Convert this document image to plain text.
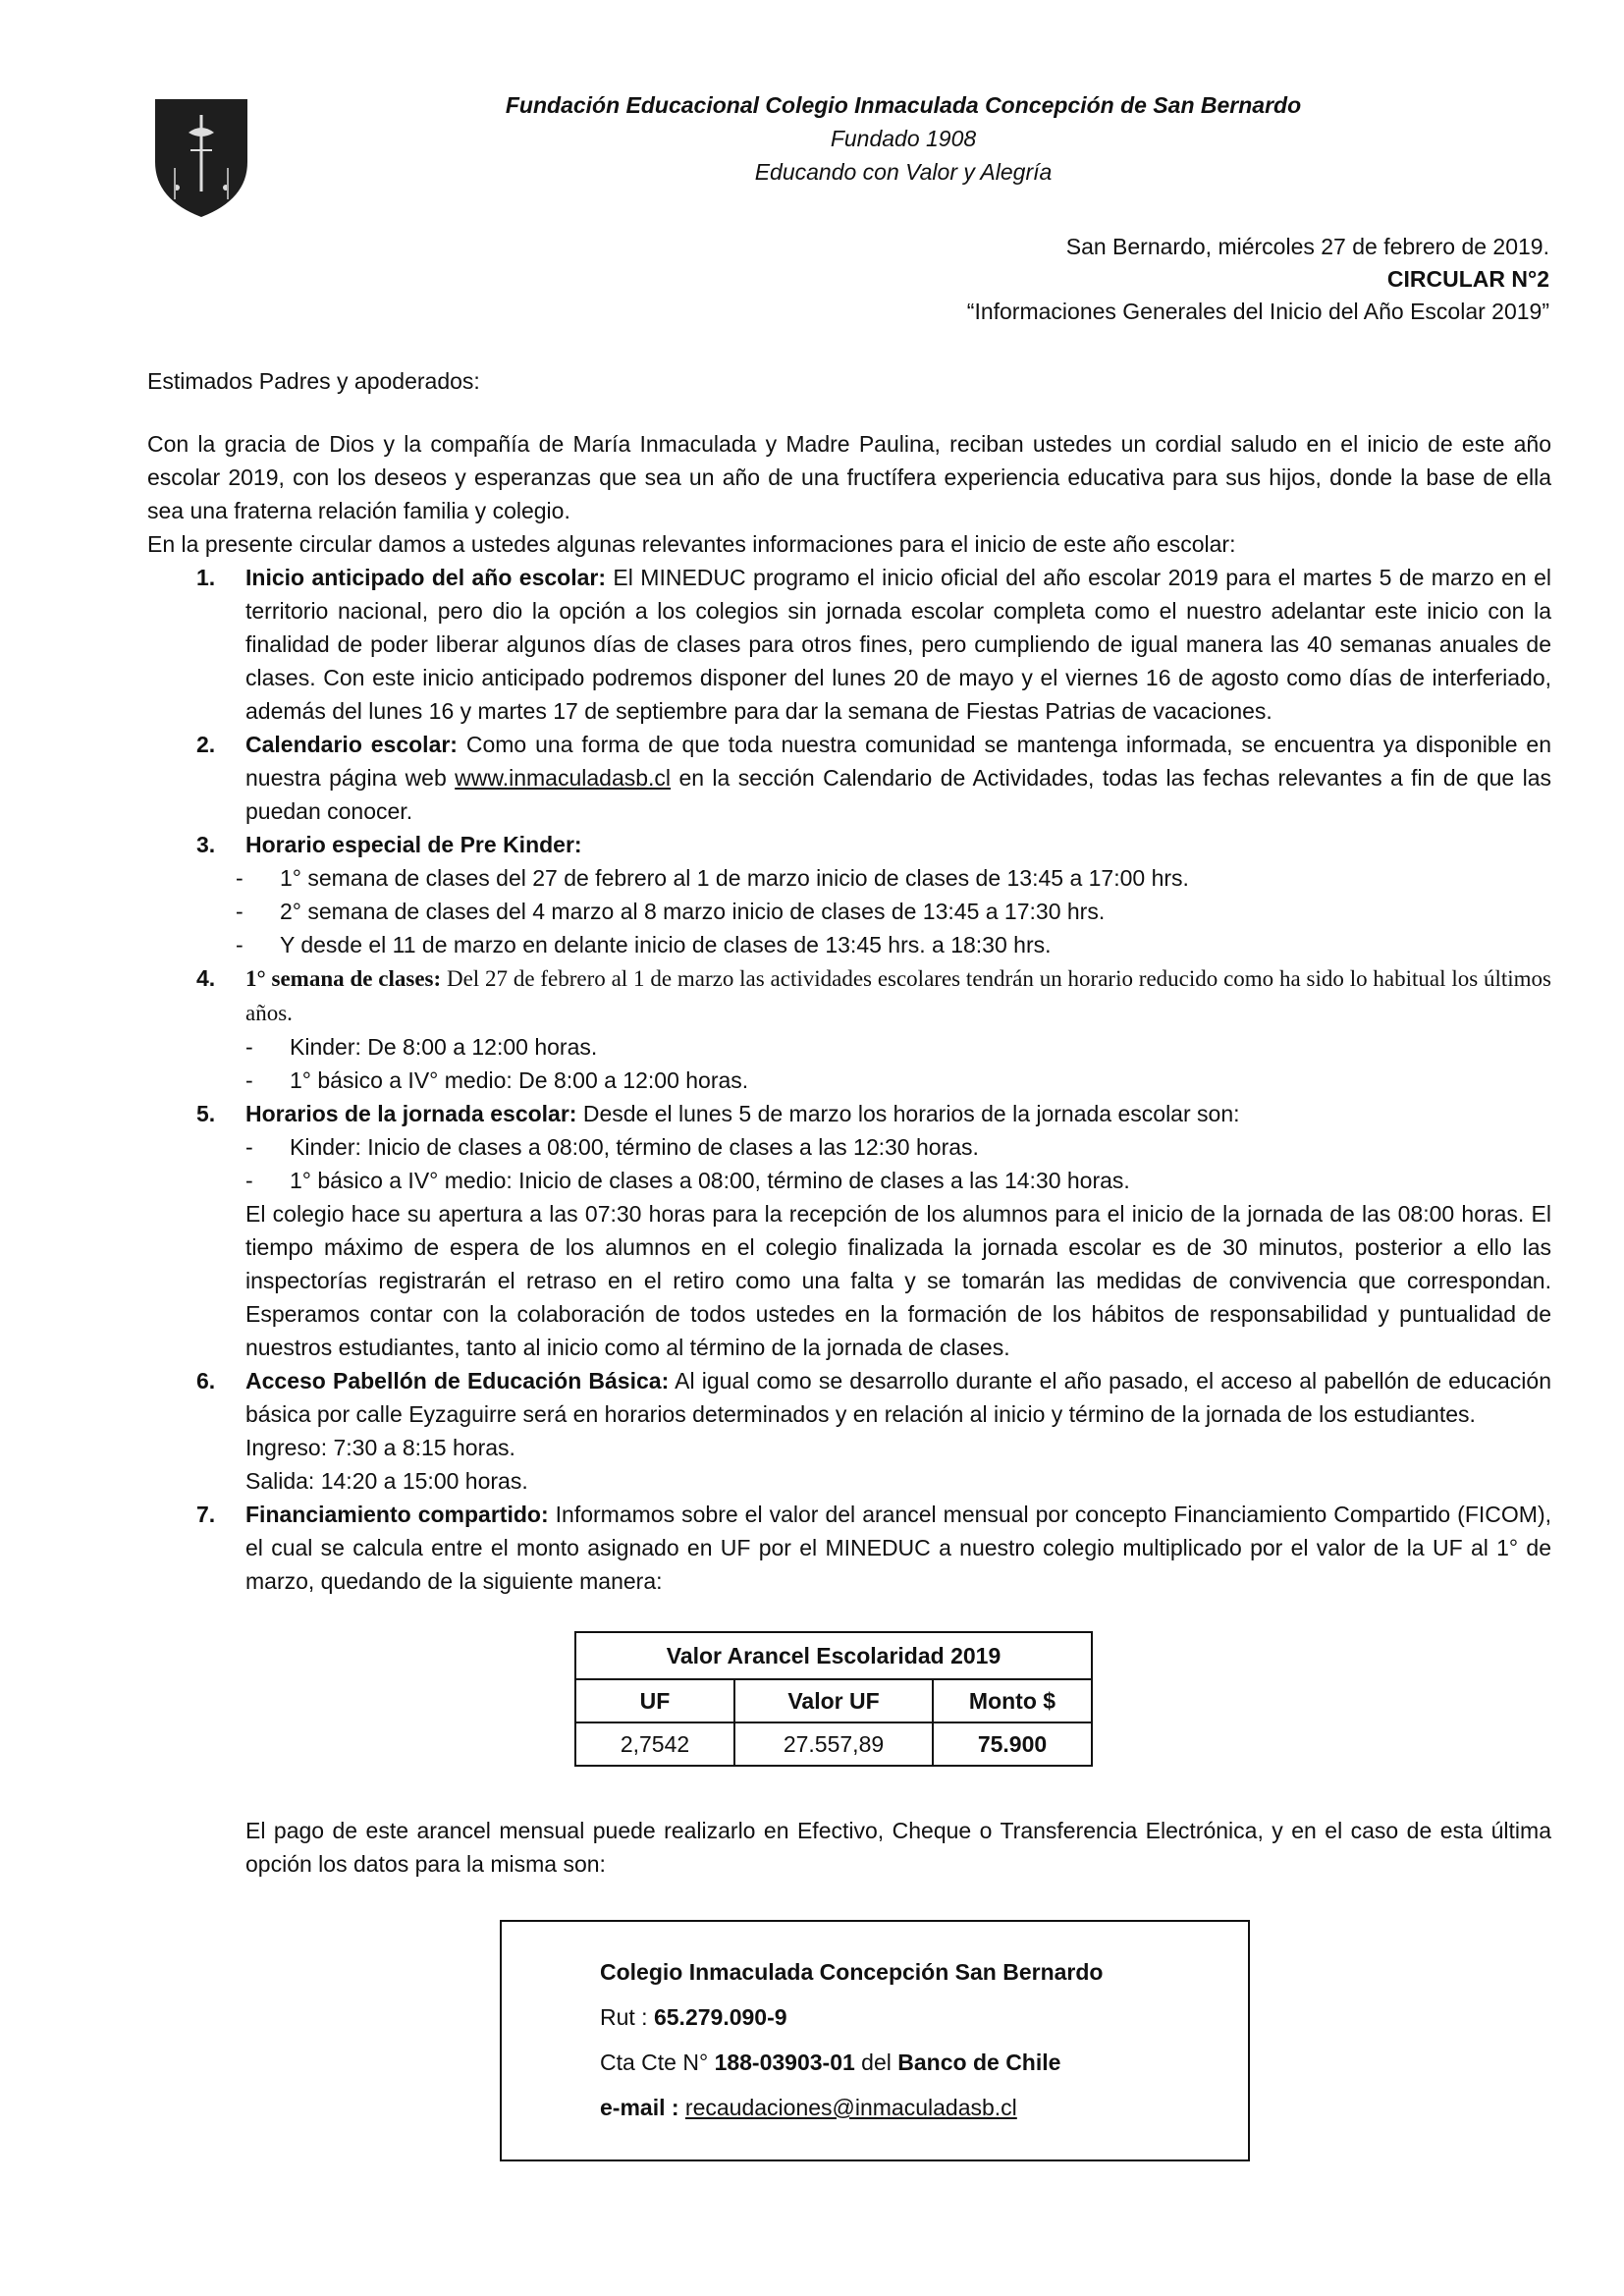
Fundación Educacional Colegio Inmaculada Concepción de San Bernardo
Fundado 1908
Educando con Valor y Alegría
San Bernardo, miércoles 27 de febrero de 2019.
CIRCULAR N°2
“Informaciones Generales del Inicio del Año Escolar 2019”
Estimados Padres y apoderados:

Con la gracia de Dios y la compañía de María Inmaculada y Madre Paulina, reciban ustedes un cordial saludo en el inicio de este año escolar 2019, con los deseos y esperanzas que sea un año de una fructífera experiencia educativa para sus hijos, donde la base de ella sea una fraterna relación familia y colegio.

En la presente circular damos a ustedes algunas relevantes informaciones para el inicio de este año escolar:

1. Inicio anticipado del año escolar: El MINEDUC programo el inicio oficial del año escolar 2019 para el martes 5 de marzo en el territorio nacional, pero dio la opción a los colegios sin jornada escolar completa como el nuestro adelantar este inicio con la finalidad de poder liberar algunos días de clases para otros fines, pero cumpliendo de igual manera las 40 semanas anuales de clases. Con este inicio anticipado podremos disponer del lunes 20 de mayo y el viernes 16 de agosto como días de interferiado, además del lunes 16 y martes 17 de septiembre para dar la semana de Fiestas Patrias de vacaciones.
2. Calendario escolar: Como una forma de que toda nuestra comunidad se mantenga informada, se encuentra ya disponible en nuestra página web www.inmaculadasb.cl en la sección Calendario de Actividades, todas las fechas relevantes a fin de que las puedan conocer.
3. Horario especial de Pre Kinder:
- 1° semana de clases del 27 de febrero al 1 de marzo inicio de clases de 13:45 a 17:00 hrs.
- 2° semana de clases del 4 marzo al 8 marzo inicio de clases de 13:45 a 17:30 hrs.
- Y desde el 11 de marzo en delante inicio de clases de 13:45 hrs. a 18:30 hrs.
4. 1° semana de clases: Del 27 de febrero al 1 de marzo las actividades escolares tendrán un horario reducido como ha sido lo habitual los últimos años.
- Kinder: De 8:00 a 12:00 horas.
- 1° básico a IV° medio: De 8:00 a 12:00 horas.
5. Horarios de la jornada escolar: Desde el lunes 5 de marzo los horarios de la jornada escolar son:
- Kinder: Inicio de clases a 08:00, término de clases a las 12:30 horas.
- 1° básico a IV° medio: Inicio de clases a 08:00, término de clases a las 14:30 horas.

El colegio hace su apertura a las 07:30 horas para la recepción de los alumnos para el inicio de la jornada de las 08:00 horas. El tiempo máximo de espera de los alumnos en el colegio finalizada la jornada escolar es de 30 minutos, posterior a ello las inspectorías registrarán el retraso en el retiro como una falta y se tomarán las medidas de convivencia que correspondan. Esperamos contar con la colaboración de todos ustedes en la formación de los hábitos de responsabilidad y puntualidad de nuestros estudiantes, tanto al inicio como al término de la jornada de clases.

6. Acceso Pabellón de Educación Básica: Al igual como se desarrollo durante el año pasado, el acceso al pabellón de educación básica por calle Eyzaguirre será en horarios determinados y en relación al inicio y término de la jornada de los estudiantes.
Ingreso: 7:30 a 8:15 horas.
Salida: 14:20 a 15:00 horas.
7. Financiamiento compartido: Informamos sobre el valor del arancel mensual por concepto Financiamiento Compartido (FICOM), el cual se calcula entre el monto asignado en UF por el MINEDUC a nuestro colegio multiplicado por el valor de la UF al 1° de marzo, quedando de la siguiente manera:
Valor Arancel Escolaridad 2019		
UF	Valor UF	Monto $
2,7542	27.557,89	75.900

El pago de este arancel mensual puede realizarlo en Efectivo, Cheque o Transferencia Electrónica, y en el caso de esta última opción los datos para la misma son:

Colegio Inmaculada Concepción San Bernardo
Rut : 65.279.090-9
Cta Cte N° 188-03903-01 del Banco de Chile
e-mail : recaudaciones@inmaculadasb.cl
